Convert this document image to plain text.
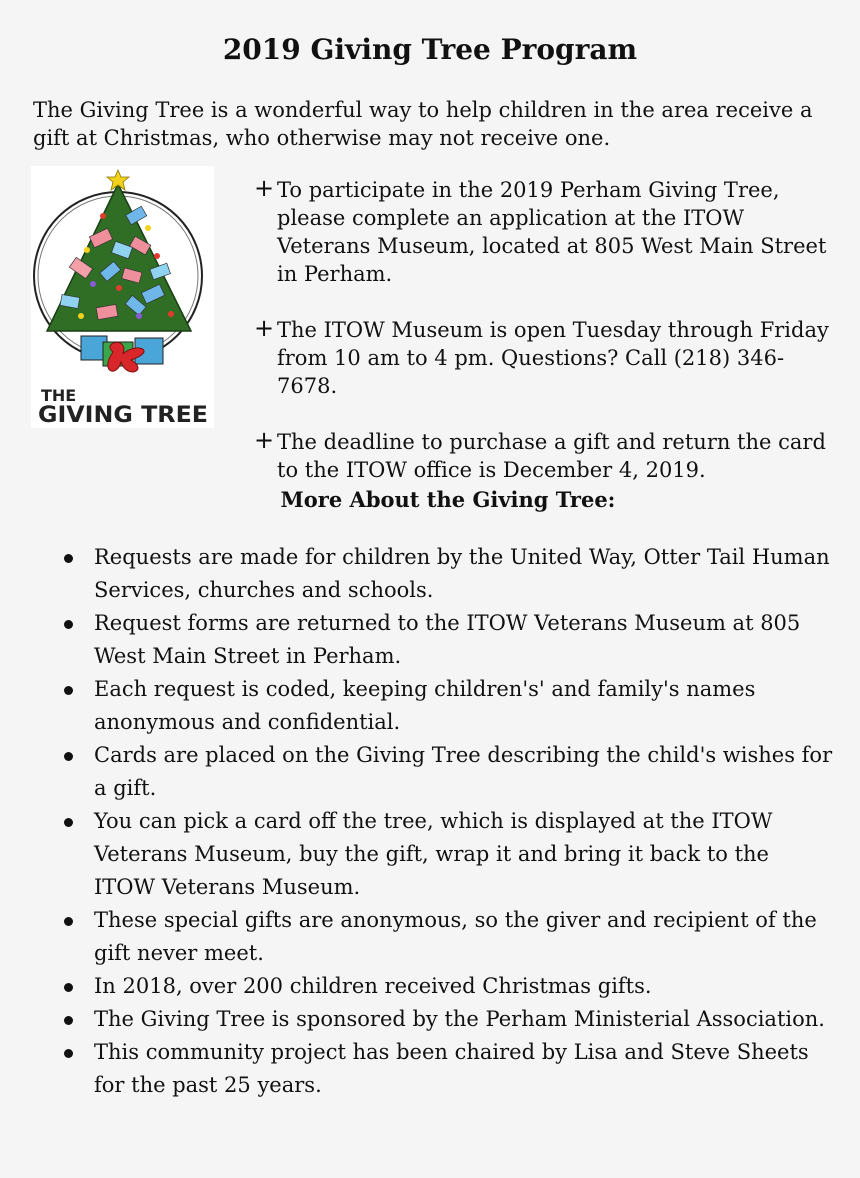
2019 Giving Tree Program

The Giving Tree is a wonderful way to help children in the area receive a gift at Christmas, who otherwise may not receive one.

THE
GIVING TREE
+ To participate in the 2019 Perham Giving Tree, please complete an application at the ITOW Veterans Museum, located at 805 West Main Street in Perham.
+ The ITOW Museum is open Tuesday through Friday from 10 am to 4 pm. Questions? Call (218) 346-7678.
+ The deadline to purchase a gift and return the card to the ITOW office is December 4, 2019.
More About the Giving Tree:
Requests are made for children by the United Way, Otter Tail Human Services, churches and schools.
Request forms are returned to the ITOW Veterans Museum at 805 West Main Street in Perham.
Each request is coded, keeping children's' and family's names anonymous and confidential.
Cards are placed on the Giving Tree describing the child's wishes for a gift.
You can pick a card off the tree, which is displayed at the ITOW Veterans Museum, buy the gift, wrap it and bring it back to the ITOW Veterans Museum.
These special gifts are anonymous, so the giver and recipient of the gift never meet.
In 2018, over 200 children received Christmas gifts.
The Giving Tree is sponsored by the Perham Ministerial Association.
This community project has been chaired by Lisa and Steve Sheets for the past 25 years.
